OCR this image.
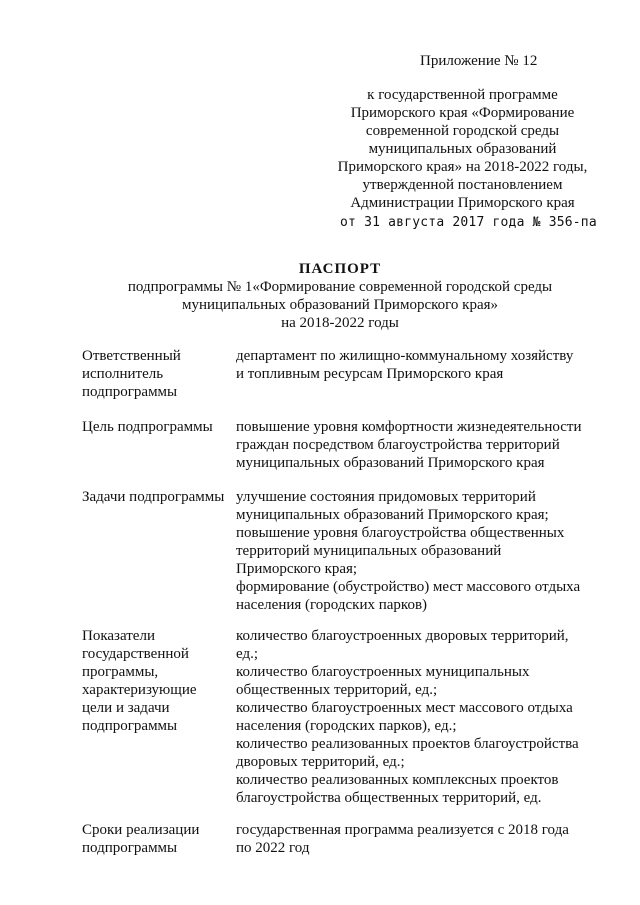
Приложение № 12
к государственной программе
Приморского края «Формирование
современной городской среды
муниципальных образований
Приморского края» на 2018-2022 годы,
утвержденной постановлением
Администрации Приморского края
от 31 августа 2017 года № 356-па
ПАСПОРТ
подпрограммы № 1«Формирование современной городской среды
муниципальных образований Приморского края»
на 2018-2022 годы
Ответственный
исполнитель
подпрограммы
департамент по жилищно-коммунальному хозяйству
и топливным ресурсам Приморского края
Цель подпрограммы	повышение уровня комфортности жизнедеятельности
граждан посредством благоустройства территорий
муниципальных образований Приморского края
Задачи подпрограммы улучшение состояния придомовых территорий
муниципальных образований Приморского края;
повышение уровня благоустройства общественных
территорий муниципальных образований
Приморского края;
формирование (обустройство) мест массового отдыха
населения (городских парков)
Показатели
государственной
программы,
характеризующие
цели и задачи
подпрограммы
количество благоустроенных дворовых территорий,
ед.;
количество благоустроенных муниципальных
общественных территорий, ед.;
количество благоустроенных мест массового отдыха
населения (городских парков), ед.;
количество реализованных проектов благоустройства
дворовых территорий, ед.;
количество реализованных комплексных проектов
благоустройства общественных территорий, ед.
Сроки реализации
подпрограммы
государственная программа реализуется с 2018 года
по 2022 год
